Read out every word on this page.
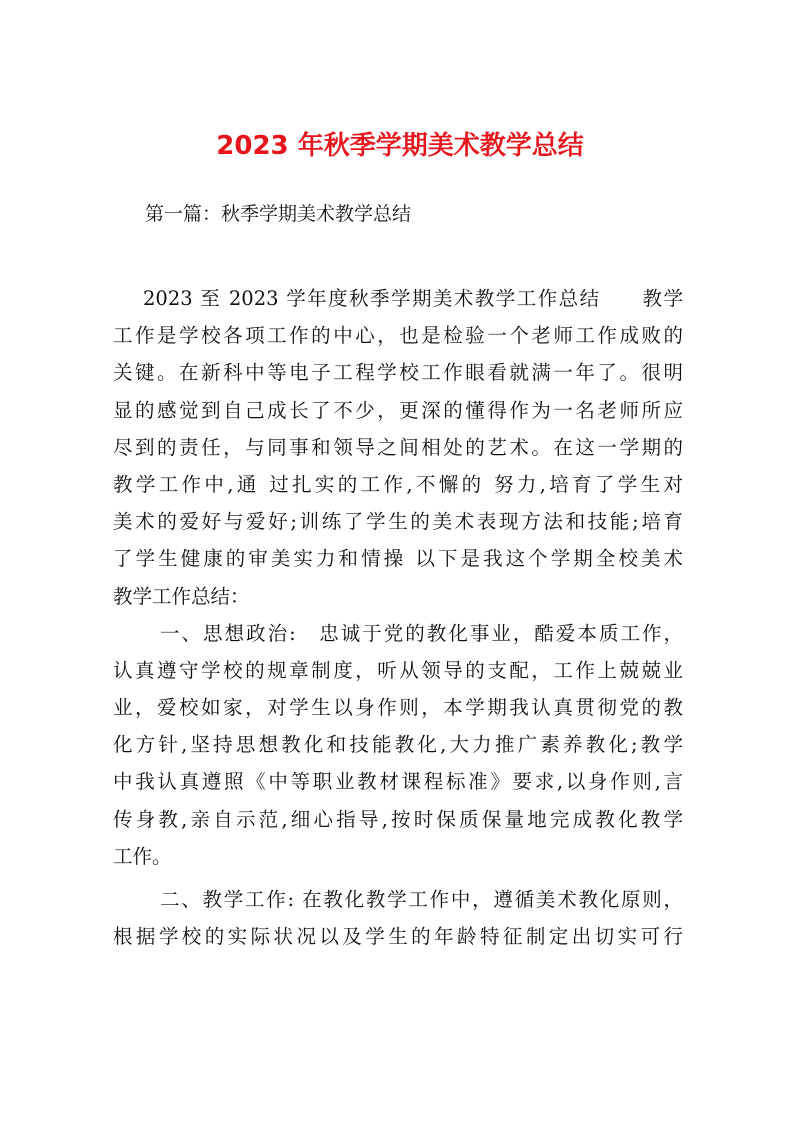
2023 年秋季学期美术教学总结

第一篇：秋季学期美术教学总结

2023 至 2023 学年度秋季学期美术教学工作总结　　教学
工作是学校各项工作的中心，也是检验一个老师工作成败的
关键。在新科中等电子工程学校工作眼看就满一年了。很明
显的感觉到自己成长了不少，更深的懂得作为一名老师所应
尽到的责任，与同事和领导之间相处的艺术。在这一学期的
教学工作中,通 过扎实的工作,不懈的 努力,培育了学生对
美术的爱好与爱好;训练了学生的美术表现方法和技能;培育
了学生健康的审美实力和情操 以下是我这个学期全校美术
教学工作总结：
一、思想政治:　忠诚于党的教化事业，酷爱本质工作，
认真遵守学校的规章制度，听从领导的支配，工作上兢兢业
业，爱校如家，对学生以身作则，本学期我认真贯彻党的教
化方针,坚持思想教化和技能教化,大力推广素养教化;教学
中我认真遵照《中等职业教材课程标准》要求,以身作则,言
传身教,亲自示范,细心指导,按时保质保量地完成教化教学
工作。
二、教学工作: 在教化教学工作中，遵循美术教化原则，
根据学校的实际状况以及学生的年龄特征制定出切实可行
